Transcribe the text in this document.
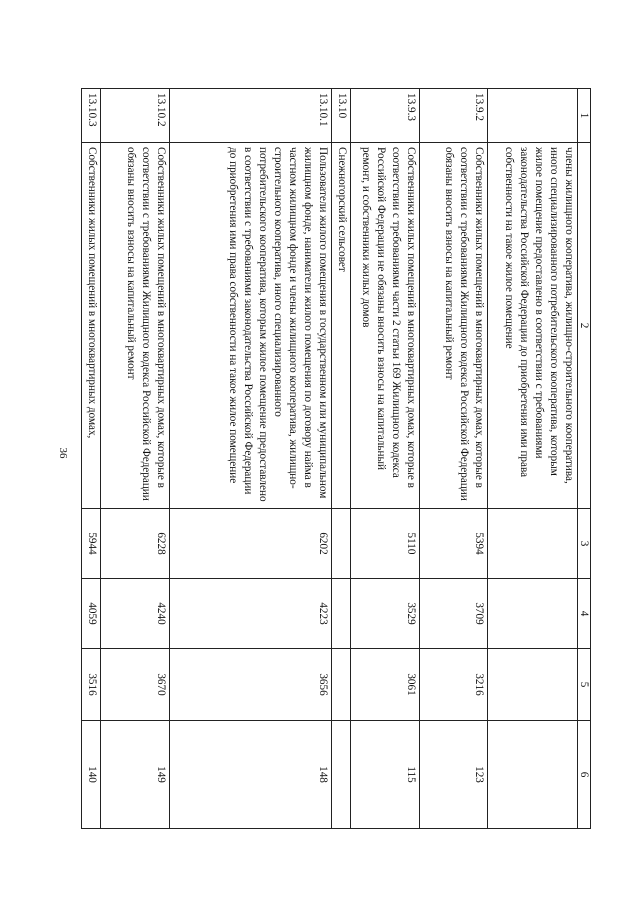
36
1	2	3	4	5	6
	члены жилищного кооператива, жилищно-строительного кооператива, иного специализированного потребительского кооператива, которым жилое помещение предоставлено в соответствии с требованиями законодательства Российской Федерации до приобретения ими права собственности на такое жилое помещение				
13.9.2	Собственники жилых помещений в многоквартирных домах, которые в соответствии с требованиями Жилищного кодекса Российской Федерации обязаны вносить взносы на капитальный ремонт	5394	3709	3216	123
13.9.3	Собственники жилых помещений в многоквартирных домах, которые в соответствии с требованиями части 2 статьи 169 Жилищного кодекса Российской Федерации не обязаны вносить взносы на капитальный ремонт, и собственники жилых домов	5110	3529	3061	115
13.10	Снежногорский сельсовет				
13.10.1	Пользователи жилого помещения в государственном или муниципальном жилищном фонде, наниматели жилого помещения по договору найма в частном жилищном фонде и члены жилищного кооператива, жилищно-строительного кооператива, иного специализированного потребительского кооператива, которым жилое помещение предоставлено в соответствии с требованиями законодательства Российской Федерации до приобретения ими права собственности на такое жилое помещение	6202	4223	3656	148
13.10.2	Собственники жилых помещений в многоквартирных домах, которые в соответствии с требованиями Жилищного кодекса Российской Федерации обязаны вносить взносы на капитальный ремонт	6228	4240	3670	149
13.10.3	Собственники жилых помещений в многоквартирных домах,	5944	4059	3516	140
